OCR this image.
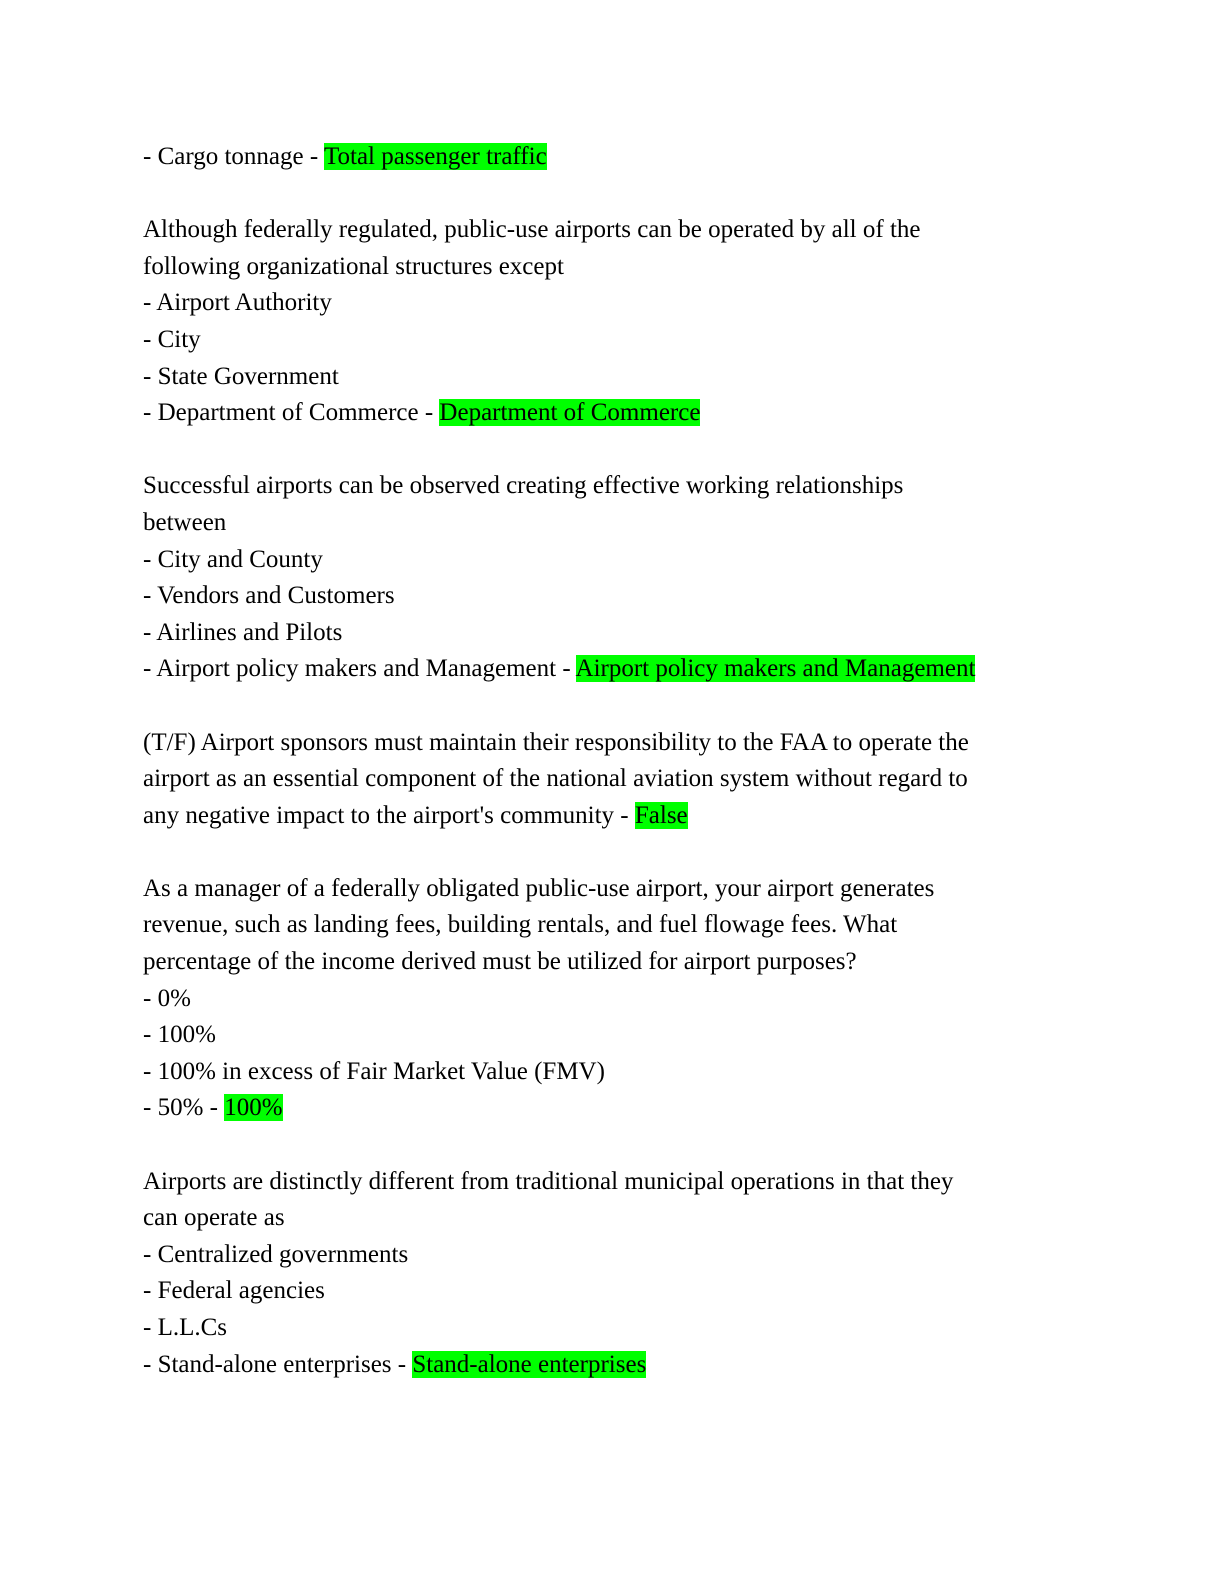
- Cargo tonnage - Total passenger traffic
Although federally regulated, public-use airports can be operated by all of the
following organizational structures except
- Airport Authority
- City
- State Government
- Department of Commerce - Department of Commerce
Successful airports can be observed creating effective working relationships
between
- City and County
- Vendors and Customers
- Airlines and Pilots
- Airport policy makers and Management - Airport policy makers and Management
(T/F) Airport sponsors must maintain their responsibility to the FAA to operate the
airport as an essential component of the national aviation system without regard to
any negative impact to the airport's community - False
As a manager of a federally obligated public-use airport, your airport generates
revenue, such as landing fees, building rentals, and fuel flowage fees. What
percentage of the income derived must be utilized for airport purposes?
- 0%
- 100%
- 100% in excess of Fair Market Value (FMV)
- 50% - 100%
Airports are distinctly different from traditional municipal operations in that they
can operate as
- Centralized governments
- Federal agencies
- L.L.Cs
- Stand-alone enterprises - Stand-alone enterprises
